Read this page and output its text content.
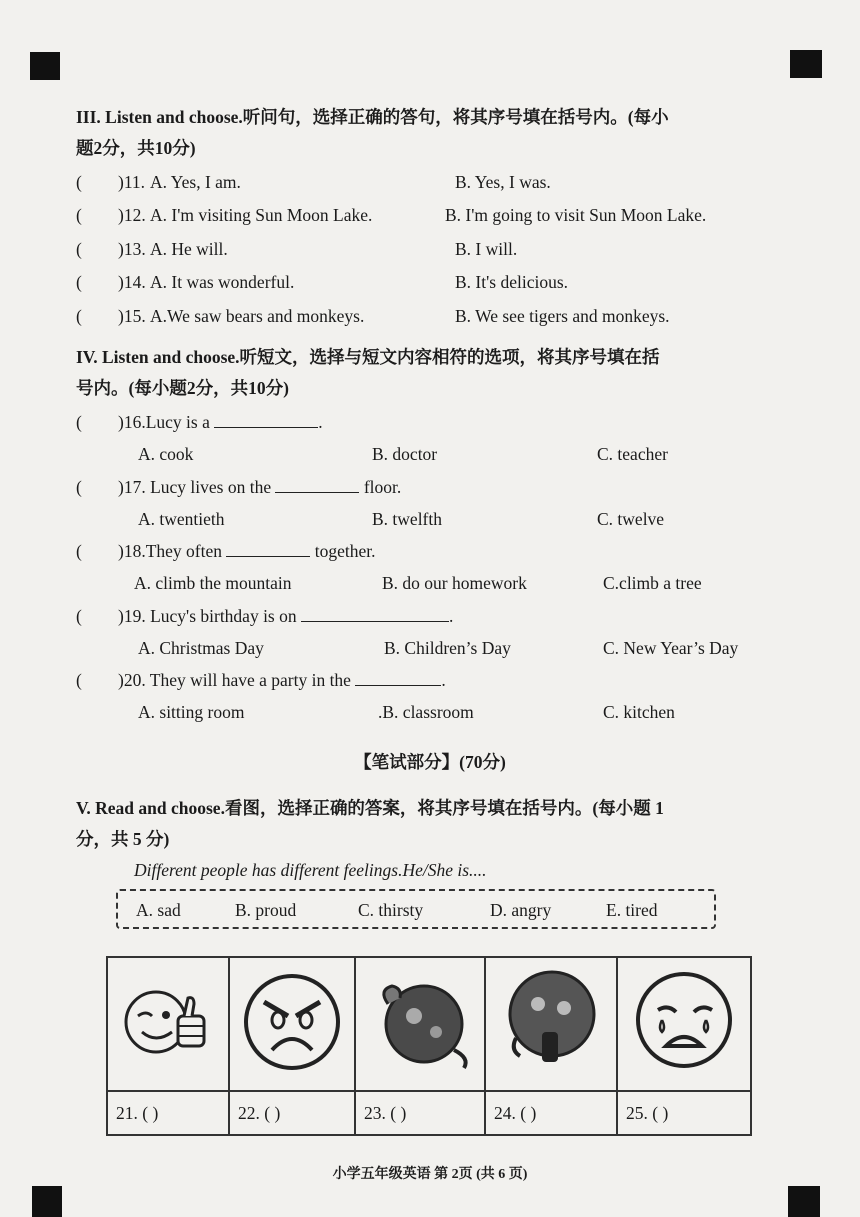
III. Listen and choose.听问句，选择正确的答句，将其序号填在括号内。(每小
题2分，共10分)
( )11. A. Yes, I am.	B. Yes, I was.
( )12. A. I'm visiting Sun Moon Lake.	B. I'm going to visit Sun Moon Lake.
( )13. A. He will.	B. I will.
( )14. A. It was wonderful.	B. It's delicious.
( )15. A.We saw bears and monkeys.	B. We see tigers and monkeys.
IV. Listen and choose.听短文，选择与短文内容相符的选项，将其序号填在括
号内。(每小题2分，共10分)
( )16.Lucy is a	.
A. cook	B. doctor	C. teacher
( )17. Lucy lives on the	floor.
A. twentieth	B. twelfth	C. twelve
( )18.They often	together.
A. climb the mountain	B. do our homework	C.climb a tree
( )19. Lucy's birthday is on	.
A. Christmas Day	B. Children’s Day	C. New Year’s Day
( )20. They will have a party in the	.
A. sitting room	.B. classroom	C. kitchen
【笔试部分】(70分)
V. Read and choose.看图，选择正确的答案，将其序号填在括号内。(每小题 1
分，共 5 分)
Different people has different feelings.He/She is....
A. sad	B. proud	C. thirsty	D. angry	E. tired

21. ( )	22. ( )	23. ( )	24. ( )	25. ( )
小学五年级英语 第 2页 (共 6 页)
